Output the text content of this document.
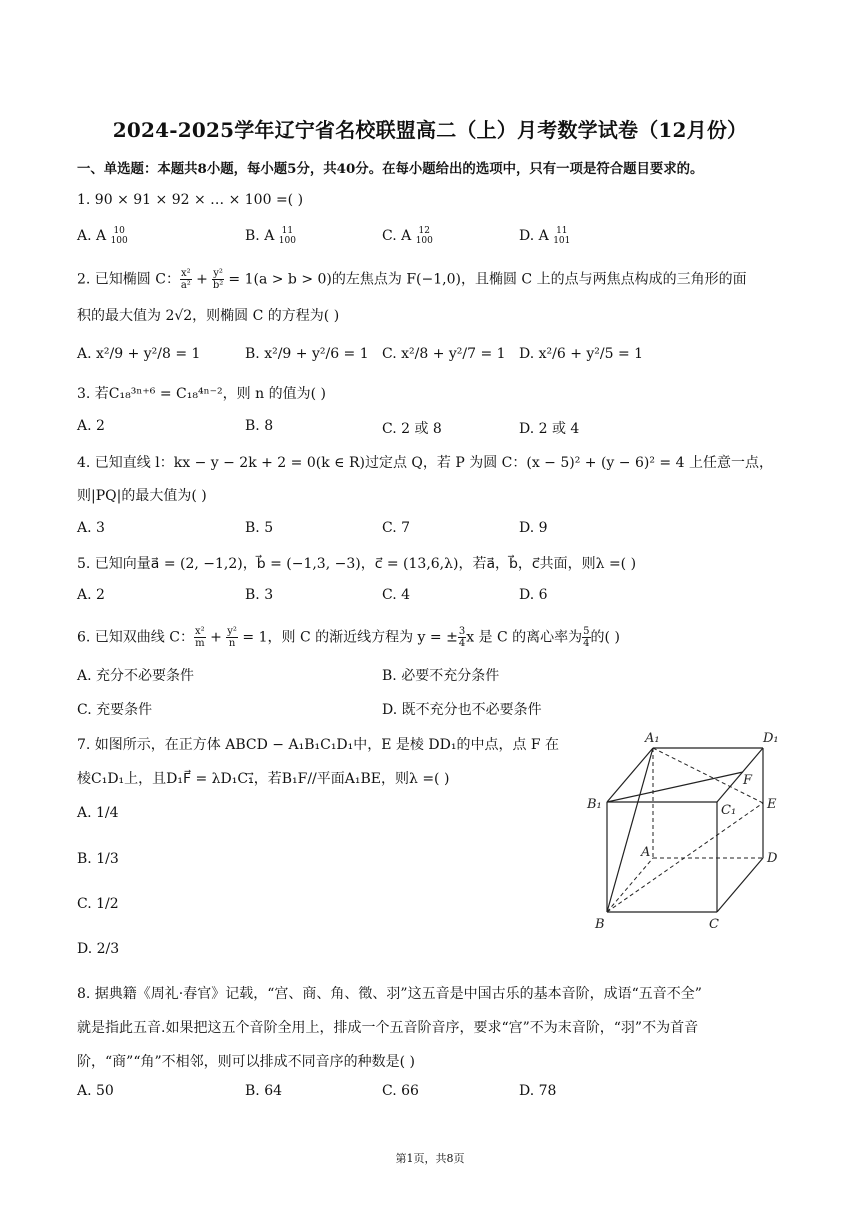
2024-2025学年辽宁省名校联盟高二（上）月考数学试卷（12月份）
一、单选题：本题共8小题，每小题5分，共40分。在每小题给出的选项中，只有一项是符合题目要求的。
1. 90 × 91 × 92 × … × 100 =( )
A. A 10
100	B. A 11
100	C. A 12
100	D. A 11
101
2. 已知椭圆 C： $\frac{\text{x²}}{\text{a²}} + \frac{\text{y²}}{\text{b²}} = 1(a > b > 0)$的左焦点为 F(−1,0)，且椭圆 C 上的点与两焦点构成的三角形的面
积的最大值为 2√2，则椭圆 C 的方程为( )
A. x²/9 + y²/8 = 1	B. x²/9 + y²/6 = 1 C. x²/8 + y²/7 = 1 D. x²/6 + y²/5 = 1
3. 若C₁₈³ⁿ⁺⁶ = C₁₈⁴ⁿ⁻²，则 n 的值为( )
A. 2	B. 8	C. 2 或 8	D. 2 或 4
4. 已知直线 l：kx − y − 2k + 2 = 0(k ∈ R)过定点 Q，若 P 为圆 C：(x − 5)² + (y − 6)² = 4 上任意一点，
则|PQ|的最大值为( )
A. 3	B. 5	C. 7	D. 9
5. 已知向量a⃗ = (2, −1,2)，b⃗ = (−1,3, −3)，c⃗ = (13,6,λ)，若a⃗，b⃗，c⃗共面，则λ =( )
A. 2	B. 3	C. 4	D. 6
6. 已知双曲线 C： $\frac{\text{x²}}{m} + \frac{\text{y²}}{n} = 1$，则 C 的渐近线方程为 y = ± $\frac{3}{4}$ x 是 C 的离心率为 $\frac{5}{4}$ 的( )
A. 充分不必要条件	B. 必要不充分条件
C. 充要条件	D. 既不充分也不必要条件
7. 如图所示，在正方体 ABCD − A₁B₁C₁D₁中，E 是棱 DD₁的中点，点 F 在
棱C₁D₁上，且D₁F⃗ = λD₁C₁⃗，若B₁F//平面A₁BE，则λ =( )
A. 1/4
B. 1/3
C. 1/2
D. 2/3
A₁	D₁
F
B₁	C₁ E
A	D
B	C
8. 据典籍《周礼·春官》记载，“宫、商、角、徵、羽”这五音是中国古乐的基本音阶，成语“五音不全”
就是指此五音.如果把这五个音阶全用上，排成一个五音阶音序，要求“宫”不为末音阶，“羽”不为首音
阶，“商”“角”不相邻，则可以排成不同音序的种数是( )
A. 50	B. 64	C. 66	D. 78
第1页，共8页
